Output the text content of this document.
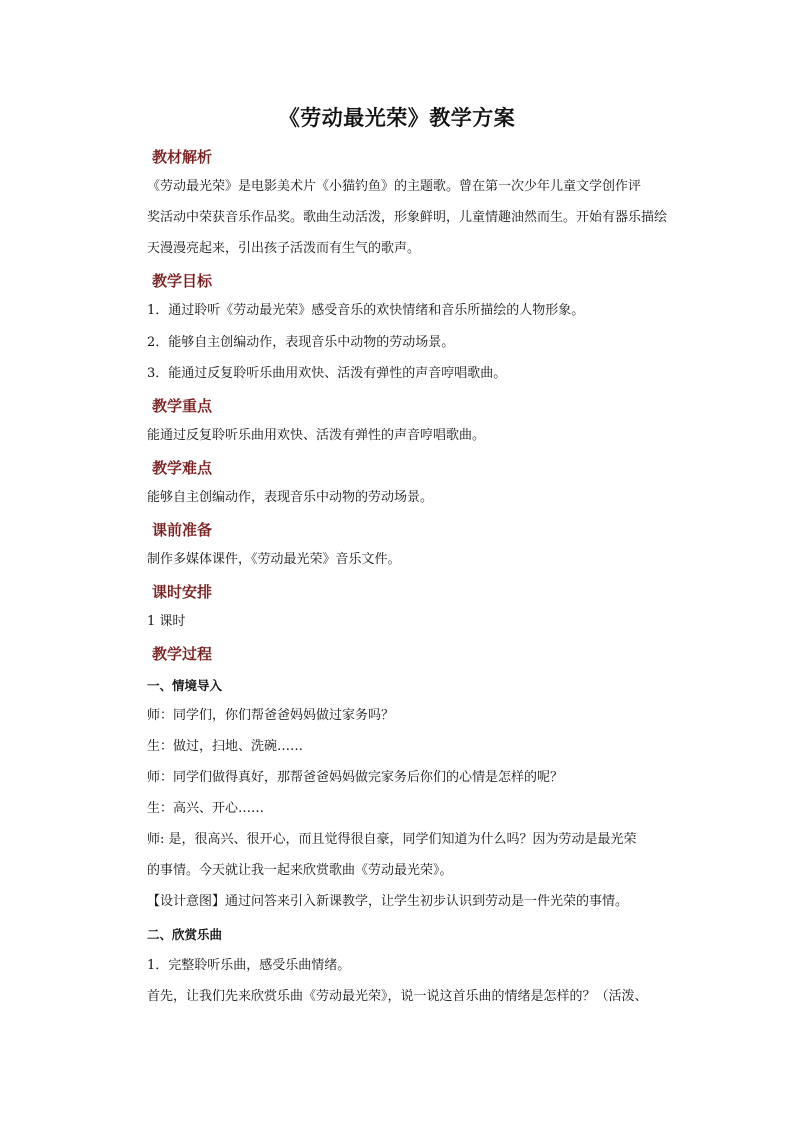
《劳动最光荣》教学方案
教材解析
《劳动最光荣》是电影美术片《小猫钓鱼》的主题歌。曾在第一次少年儿童文学创作评
奖活动中荣获音乐作品奖。歌曲生动活泼，形象鲜明，儿童情趣油然而生。开始有器乐描绘
天漫漫亮起来，引出孩子活泼而有生气的歌声。
教学目标
1．通过聆听《劳动最光荣》感受音乐的欢快情绪和音乐所描绘的人物形象。
2．能够自主创编动作，表现音乐中动物的劳动场景。
3．能通过反复聆听乐曲用欢快、活泼有弹性的声音哼唱歌曲。
教学重点
能通过反复聆听乐曲用欢快、活泼有弹性的声音哼唱歌曲。
教学难点
能够自主创编动作，表现音乐中动物的劳动场景。
课前准备
制作多媒体课件，《劳动最光荣》音乐文件。
课时安排
1 课时
教学过程
一、情境导入
师：同学们，你们帮爸爸妈妈做过家务吗？
生：做过，扫地、洗碗……
师：同学们做得真好，那帮爸爸妈妈做完家务后你们的心情是怎样的呢？
生：高兴、开心……
师: 是，很高兴、很开心，而且觉得很自豪，同学们知道为什么吗？因为劳动是最光荣
的事情。今天就让我一起来欣赏歌曲《劳动最光荣》。
【设计意图】通过问答来引入新课教学，让学生初步认识到劳动是一件光荣的事情。
二、欣赏乐曲
1．完整聆听乐曲，感受乐曲情绪。
首先，让我们先来欣赏乐曲《劳动最光荣》，说一说这首乐曲的情绪是怎样的？（活泼、
